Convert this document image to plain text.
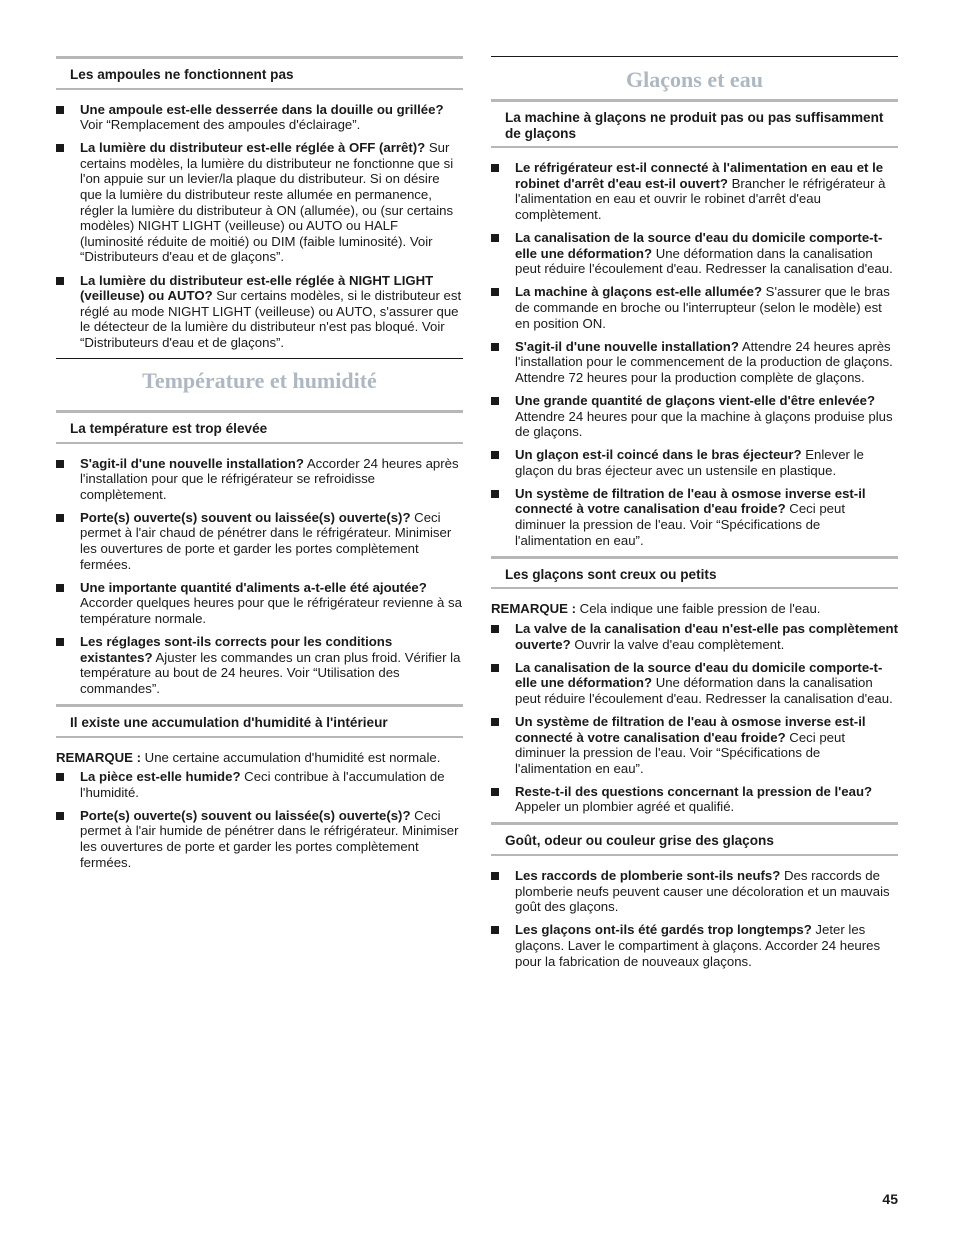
Les ampoules ne fonctionnent pas
Une ampoule est-elle desserrée dans la douille ou grillée? Voir “Remplacement des ampoules d'éclairage”.
La lumière du distributeur est-elle réglée à OFF (arrêt)? Sur certains modèles, la lumière du distributeur ne fonctionne que si l'on appuie sur un levier/la plaque du distributeur. Si on désire que la lumière du distributeur reste allumée en permanence, régler la lumière du distributeur à ON (allumée), ou (sur certains modèles) NIGHT LIGHT (veilleuse) ou AUTO ou HALF (luminosité réduite de moitié) ou DIM (faible luminosité). Voir “Distributeurs d'eau et de glaçons”.
La lumière du distributeur est-elle réglée à NIGHT LIGHT (veilleuse) ou AUTO? Sur certains modèles, si le distributeur est réglé au mode NIGHT LIGHT (veilleuse) ou AUTO, s'assurer que le détecteur de la lumière du distributeur n'est pas bloqué. Voir “Distributeurs d'eau et de glaçons”.
Température et humidité
La température est trop élevée
S'agit-il d'une nouvelle installation? Accorder 24 heures après l'installation pour que le réfrigérateur se refroidisse complètement.
Porte(s) ouverte(s) souvent ou laissée(s) ouverte(s)? Ceci permet à l'air chaud de pénétrer dans le réfrigérateur. Minimiser les ouvertures de porte et garder les portes complètement fermées.
Une importante quantité d'aliments a-t-elle été ajoutée? Accorder quelques heures pour que le réfrigérateur revienne à sa température normale.
Les réglages sont-ils corrects pour les conditions existantes? Ajuster les commandes un cran plus froid. Vérifier la température au bout de 24 heures. Voir “Utilisation des commandes”.
Il existe une accumulation d'humidité à l'intérieur

REMARQUE : Une certaine accumulation d'humidité est normale.

La pièce est-elle humide? Ceci contribue à l'accumulation de l'humidité.
Porte(s) ouverte(s) souvent ou laissée(s) ouverte(s)? Ceci permet à l'air humide de pénétrer dans le réfrigérateur. Minimiser les ouvertures de porte et garder les portes complètement fermées.
Glaçons et eau
La machine à glaçons ne produit pas ou pas suffisamment de glaçons
Le réfrigérateur est-il connecté à l'alimentation en eau et le robinet d'arrêt d'eau est-il ouvert? Brancher le réfrigérateur à l'alimentation en eau et ouvrir le robinet d'arrêt d'eau complètement.
La canalisation de la source d'eau du domicile comporte-t-elle une déformation? Une déformation dans la canalisation peut réduire l'écoulement d'eau. Redresser la canalisation d'eau.
La machine à glaçons est-elle allumée? S'assurer que le bras de commande en broche ou l'interrupteur (selon le modèle) est en position ON.
S'agit-il d'une nouvelle installation? Attendre 24 heures après l'installation pour le commencement de la production de glaçons. Attendre 72 heures pour la production complète de glaçons.
Une grande quantité de glaçons vient-elle d'être enlevée? Attendre 24 heures pour que la machine à glaçons produise plus de glaçons.
Un glaçon est-il coincé dans le bras éjecteur? Enlever le glaçon du bras éjecteur avec un ustensile en plastique.
Un système de filtration de l'eau à osmose inverse est-il connecté à votre canalisation d'eau froide? Ceci peut diminuer la pression de l'eau. Voir “Spécifications de l'alimentation en eau”.
Les glaçons sont creux ou petits

REMARQUE : Cela indique une faible pression de l'eau.

La valve de la canalisation d'eau n'est-elle pas complètement ouverte? Ouvrir la valve d'eau complètement.
La canalisation de la source d'eau du domicile comporte-t-elle une déformation? Une déformation dans la canalisation peut réduire l'écoulement d'eau. Redresser la canalisation d'eau.
Un système de filtration de l'eau à osmose inverse est-il connecté à votre canalisation d'eau froide? Ceci peut diminuer la pression de l'eau. Voir “Spécifications de l'alimentation en eau”.
Reste-t-il des questions concernant la pression de l'eau? Appeler un plombier agréé et qualifié.
Goût, odeur ou couleur grise des glaçons
Les raccords de plomberie sont-ils neufs? Des raccords de plomberie neufs peuvent causer une décoloration et un mauvais goût des glaçons.
Les glaçons ont-ils été gardés trop longtemps? Jeter les glaçons. Laver le compartiment à glaçons. Accorder 24 heures pour la fabrication de nouveaux glaçons.
45
